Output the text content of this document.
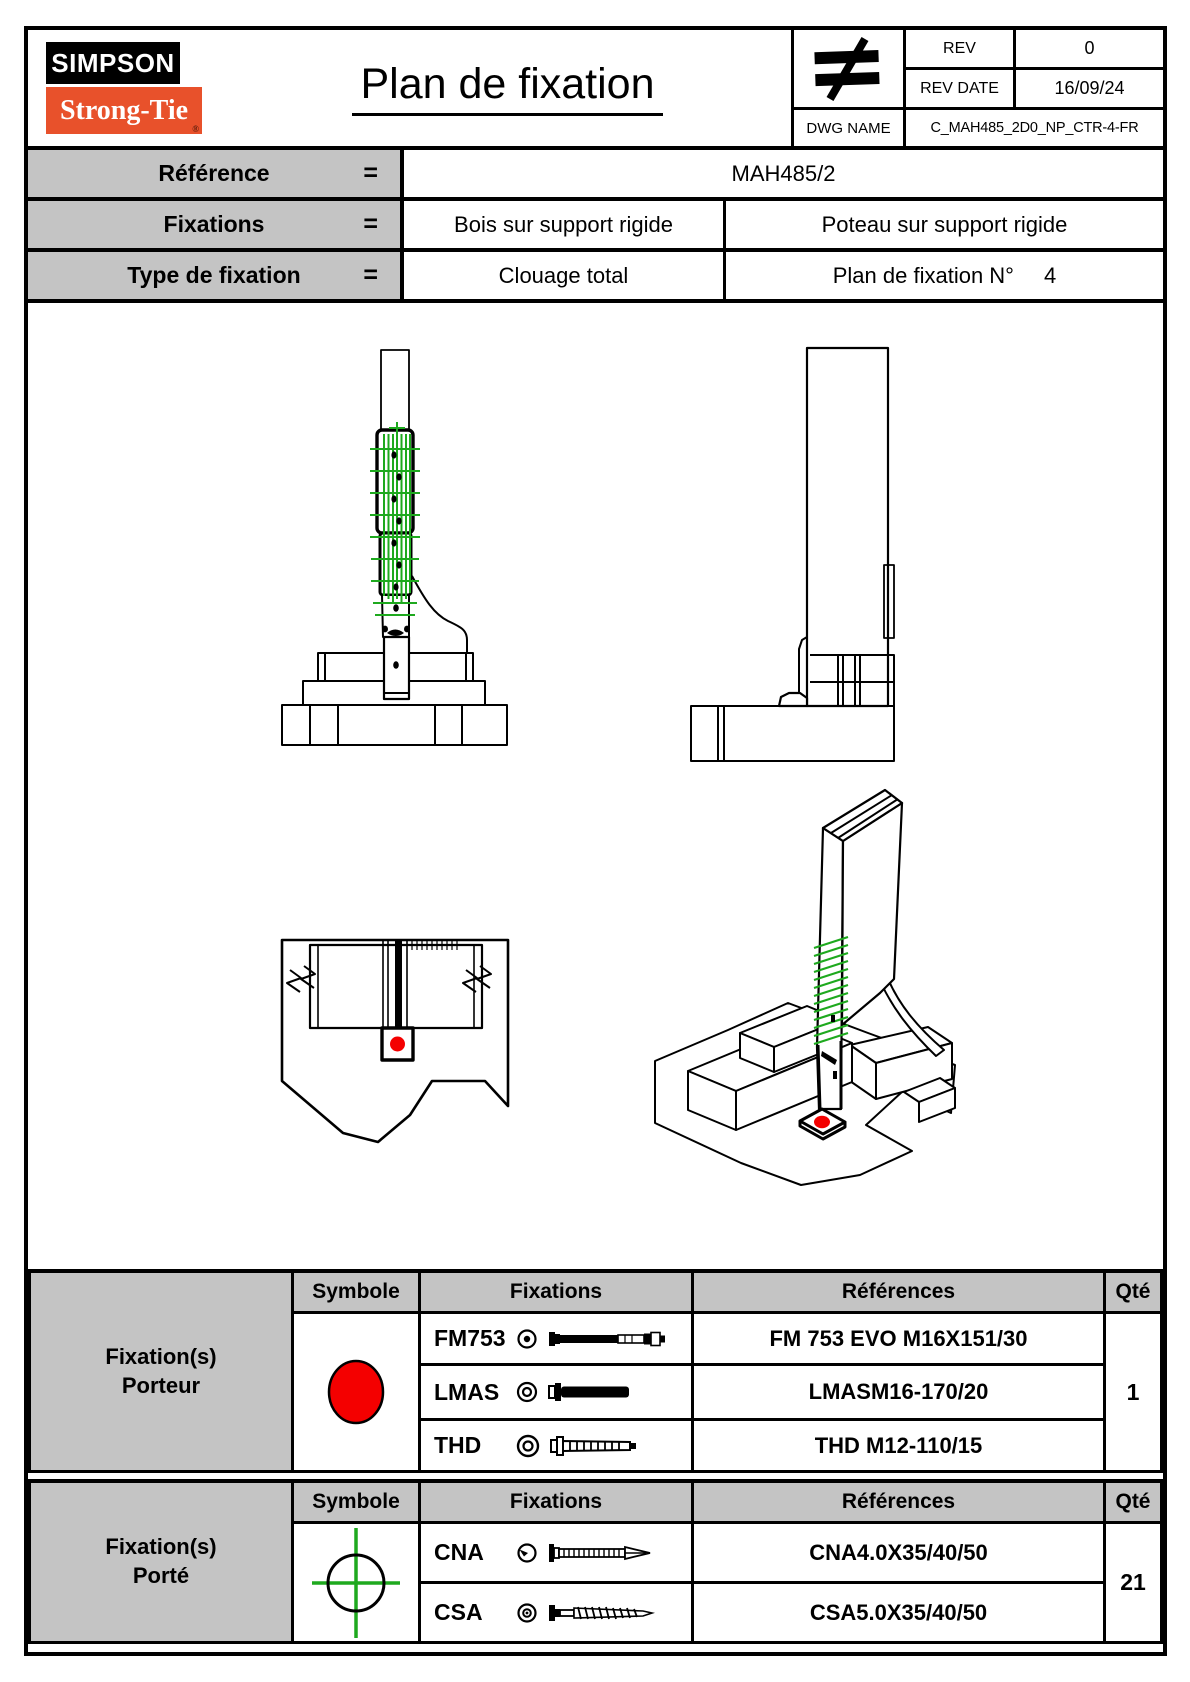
SIMPSON
Strong-Tie
®
Plan de fixation
REV	0
REV DATE	16/09/24
DWG NAME	C_MAH485_2D0_NP_CTR-4-FR
Référence	=	MAH485/2
Fixations	=	Bois sur support rigide	Poteau sur support rigide
Type de fixation	=	Clouage total	Plan de fixation N° 4
Fixation(s)
Porteur
Symbole	Fixations	Références	Qté
FM753	FM 753 EVO M16X151/30
LMAS	LMASM16-170/20
THD	THD M12-110/15
1
Fixation(s)
Porté
Symbole	Fixations	Références	Qté
CNA	CNA4.0X35/40/50
CSA	CSA5.0X35/40/50
21
